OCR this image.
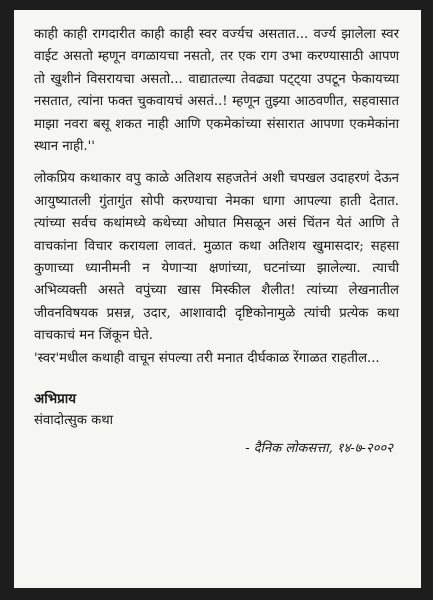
काही काही रागदारीत काही काही स्वर वर्ज्यच असतात... वर्ज्य झालेला स्वर वाईट असतो म्हणून वगळायचा नसतो, तर एक राग उभा करण्यासाठी आपण तो खुशीनं विसरायचा असतो... वाद्यातल्या तेवढ्या पट्ट्या उपटून फेकायच्या नसतात, त्यांना फक्त चुकवायचं असतं..! म्हणून तुझ्या आठवणीत, सहवासात माझा नवरा बसू शकत नाही आणि एकमेकांच्या संसारात आपणा एकमेकांना स्थान नाही.''

लोकप्रिय कथाकार वपु काळे अतिशय सहजतेनं अशी चपखल उदाहरणं देऊन आयुष्यातली गुंतागुंत सोपी करण्याचा नेमका धागा आपल्या हाती देतात. त्यांच्या सर्वच कथांमध्ये कथेच्या ओघात मिसळून असं चिंतन येतं आणि ते वाचकांना विचार करायला लावतं. मुळात कथा अतिशय खुमासदार; सहसा कुणाच्या ध्यानीमनी न येणाऱ्या क्षणांच्या, घटनांच्या झालेल्या. त्याची अभिव्यक्ती असते वपुंच्या खास मिस्कील शैलीत! त्यांच्या लेखनातील जीवनविषयक प्रसन्न, उदार, आशावादी दृष्टिकोनामुळे त्यांची प्रत्येक कथा वाचकाचं मन जिंकून घेते.

'स्वर'मधील कथाही वाचून संपल्या तरी मनात दीर्घकाळ रेंगाळत राहतील...

अभिप्राय

संवादोत्सुक कथा

- दैनिक लोकसत्ता, १४-७-२००२
